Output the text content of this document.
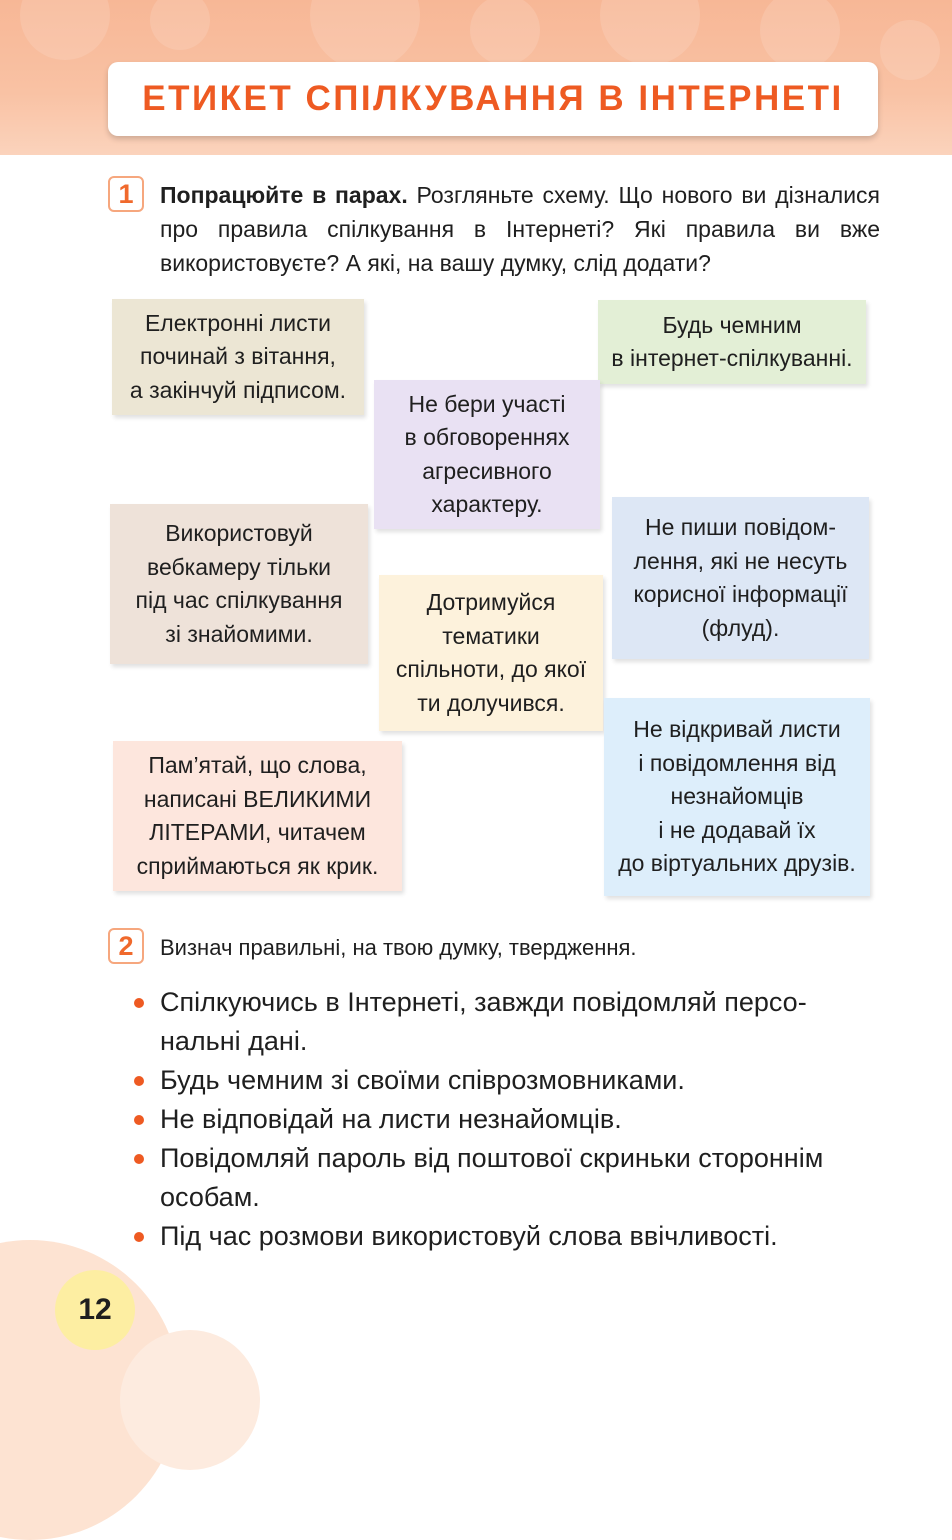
ЕТИКЕТ СПІЛКУВАННЯ В ІНТЕРНЕТІ
1	Попрацюйте в парах. Розгляньте схему. Що нового ви дізналися про правила спілкування в Інтернеті? Які правила ви вже використовуєте? А які, на вашу думку, слід додати?
Електронні листи
починай з вітання,
а закінчуй підписом.
Будь чемним
в інтернет-спілкуванні.
Не бери участі
в обговореннях
агресивного
характеру.
Використовуй
вебкамеру тільки
під час спілкування
зі знайомими.
Не пиши повідом-
лення, які не несуть
корисної інформації
(флуд).
Дотримуйся
тематики
спільноти, до якої
ти долучився.
Пам’ятай, що слова,
написані ВЕЛИКИМИ
ЛІТЕРАМИ, читачем
сприймаються як крик.
Не відкривай листи
і повідомлення від
незнайомців
і не додавай їх
до віртуальних друзів.
2	Визнач правильні, на твою думку, твердження.
Спілкуючись в Інтернеті, завжди повідомляй персо-нальні дані.
Будь чемним зі своїми співрозмовниками.
Не відповідай на листи незнайомців.
Повідомляй пароль від поштової скриньки стороннім особам.
Під час розмови використовуй слова ввічливості.
12
